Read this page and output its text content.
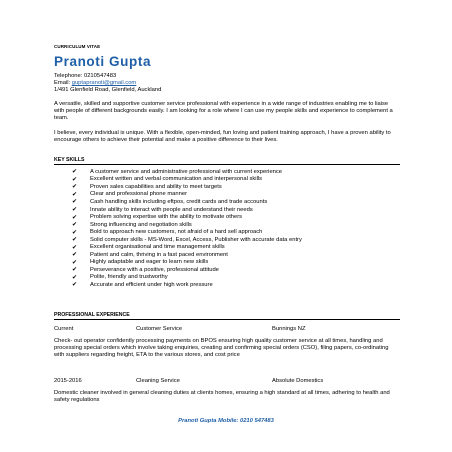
CURRICULUM VITAE
Pranoti Gupta
Telephone: 0210547483
Email: guptapranoti@gmail.com
1/491 Glenfield Road, Glenfield, Auckland
A versatile, skilled and supportive customer service professional with experience in a wide range of industries enabling me to liaise with people of different backgrounds easily. I am looking for a role where I can use my people skills and experience to complement a team.
I believe, every individual is unique. With a flexible, open-minded, fun loving and patient training approach, I have a proven ability to encourage others to achieve their potential and make a positive difference to their lives.
KEY SKILLS
✔	A customer service and administrative professional with current experience
✔	Excellent written and verbal communication and interpersonal skills
✔	Proven sales capabilities and ability to meet targets
✔	Clear and professional phone manner
✔	Cash handling skills including eftpos, credit cards and trade accounts
✔	Innate ability to interact with people and understand their needs
✔	Problem solving expertise with the ability to motivate others
✔	Strong influencing and negotiation skills
✔	Bold to approach new customers, not afraid of a hard sell approach
✔	Solid computer skills - MS-Word, Excel, Access, Publisher with accurate data entry
✔	Excellent organisational and time management skills
✔	Patient and calm, thriving in a fast paced environment
✔	Highly adaptable and eager to learn new skills
✔	Perseverance with a positive, professional attitude
✔	Polite, friendly and trustworthy
✔	Accurate and efficient under high work pressure
PROFESSIONAL EXPERIENCE
Current	Customer Service	Bunnings NZ
Check- out operator confidently processing payments on BPOS ensuring high quality customer service at all times, handling and processing special orders which involve taking enquiries, creating and confirming special orders (CSO), filing papers, co-ordinating with suppliers regarding freight, ETA to the various stores, and cost price
2015-2016	Cleaning Service	Absolute Domestics
Domestic cleaner involved in general cleaning duties at clients homes, ensuring a high standard at all times, adhering to health and safety regulations
Pranoti Gupta Mobile: 0210 547483
